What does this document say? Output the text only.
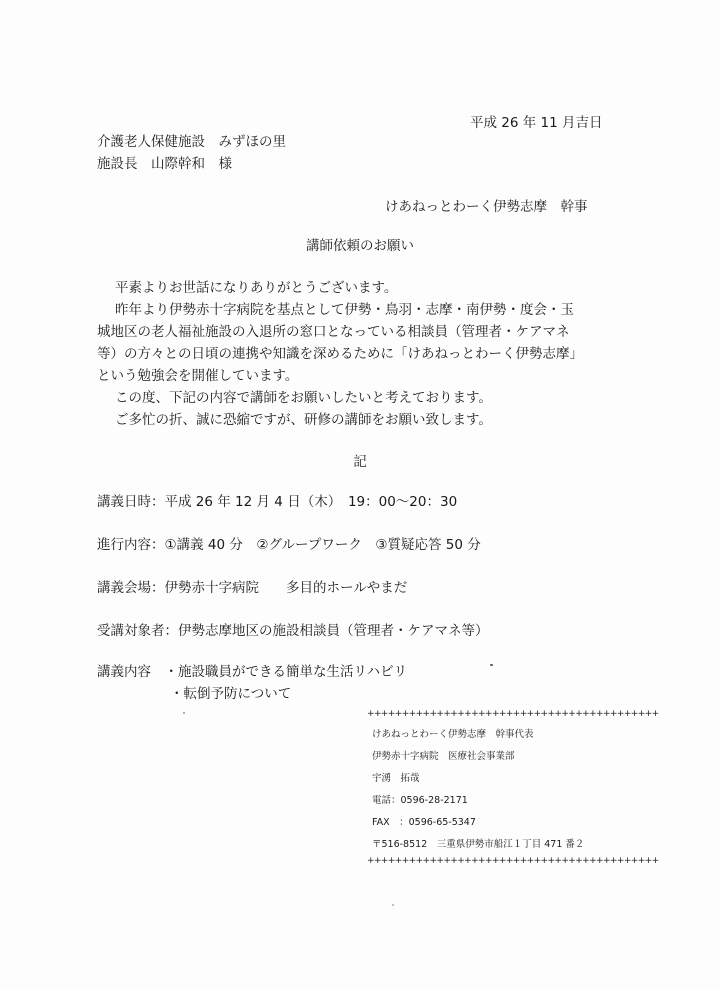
平成 26 年 11 月吉日
介護老人保健施設　みずほの里
施設長　山際幹和　様
けあねっとわーく伊勢志摩　幹事
講師依頼のお願い
平素よりお世話になりありがとうございます。
昨年より伊勢赤十字病院を基点として伊勢・鳥羽・志摩・南伊勢・度会・玉
城地区の老人福祉施設の入退所の窓口となっている相談員（管理者・ケアマネ
等）の方々との日頃の連携や知識を深めるために「けあねっとわーく伊勢志摩」
という勉強会を開催しています。
この度、下記の内容で講師をお願いしたいと考えております。
ご多忙の折、誠に恐縮ですが、研修の講師をお願い致します。
記
講義日時：平成 26 年 12 月 4 日（木）　19：00～20：30
進行内容：①講義 40 分　②グループワーク　③質疑応答 50 分
講義会場：伊勢赤十字病院　　多目的ホールやまだ
受講対象者：伊勢志摩地区の施設相談員（管理者・ケアマネ等）
講義内容　・施設職員ができる簡単な生活リハビリ
・転倒予防について
++++++++++++++++++++++++++++++++++++++++++
けあねっとわーく伊勢志摩　幹事代表
伊勢赤十字病院　医療社会事業部
宇湧　拓哉
電話：0596-28-2171
FAX　：0596-65-5347
〒516-8512　三重県伊勢市船江１丁目 471 番２
++++++++++++++++++++++++++++++++++++++++++
